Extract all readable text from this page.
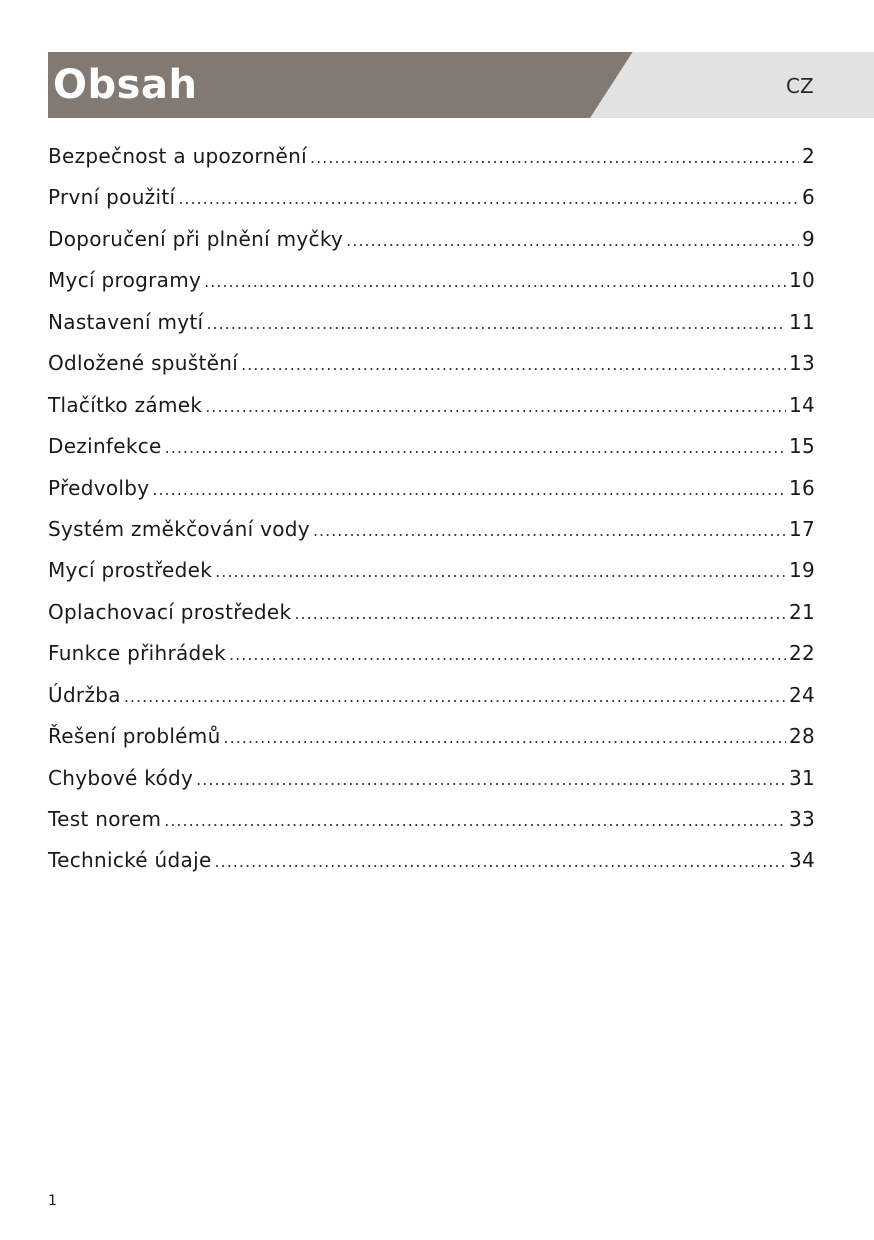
Obsah	CZ
Bezpečnost a upozornění .....	2
První použití .....	6
Doporučení při plnění myčky .....	9
Mycí programy .....	10
Nastavení mytí .....	11
Odložené spuštění .....	13
Tlačítko zámek .....	14
Dezinfekce .....	15
Předvolby .....	16
Systém změkčování vody .....	17
Mycí prostředek .....	19
Oplachovací prostředek .....	21
Funkce přihrádek .....	22
Údržba .....	24
Řešení problémů .....	28
Chybové kódy .....	31
Test norem .....	33
Technické údaje .....	34
1
